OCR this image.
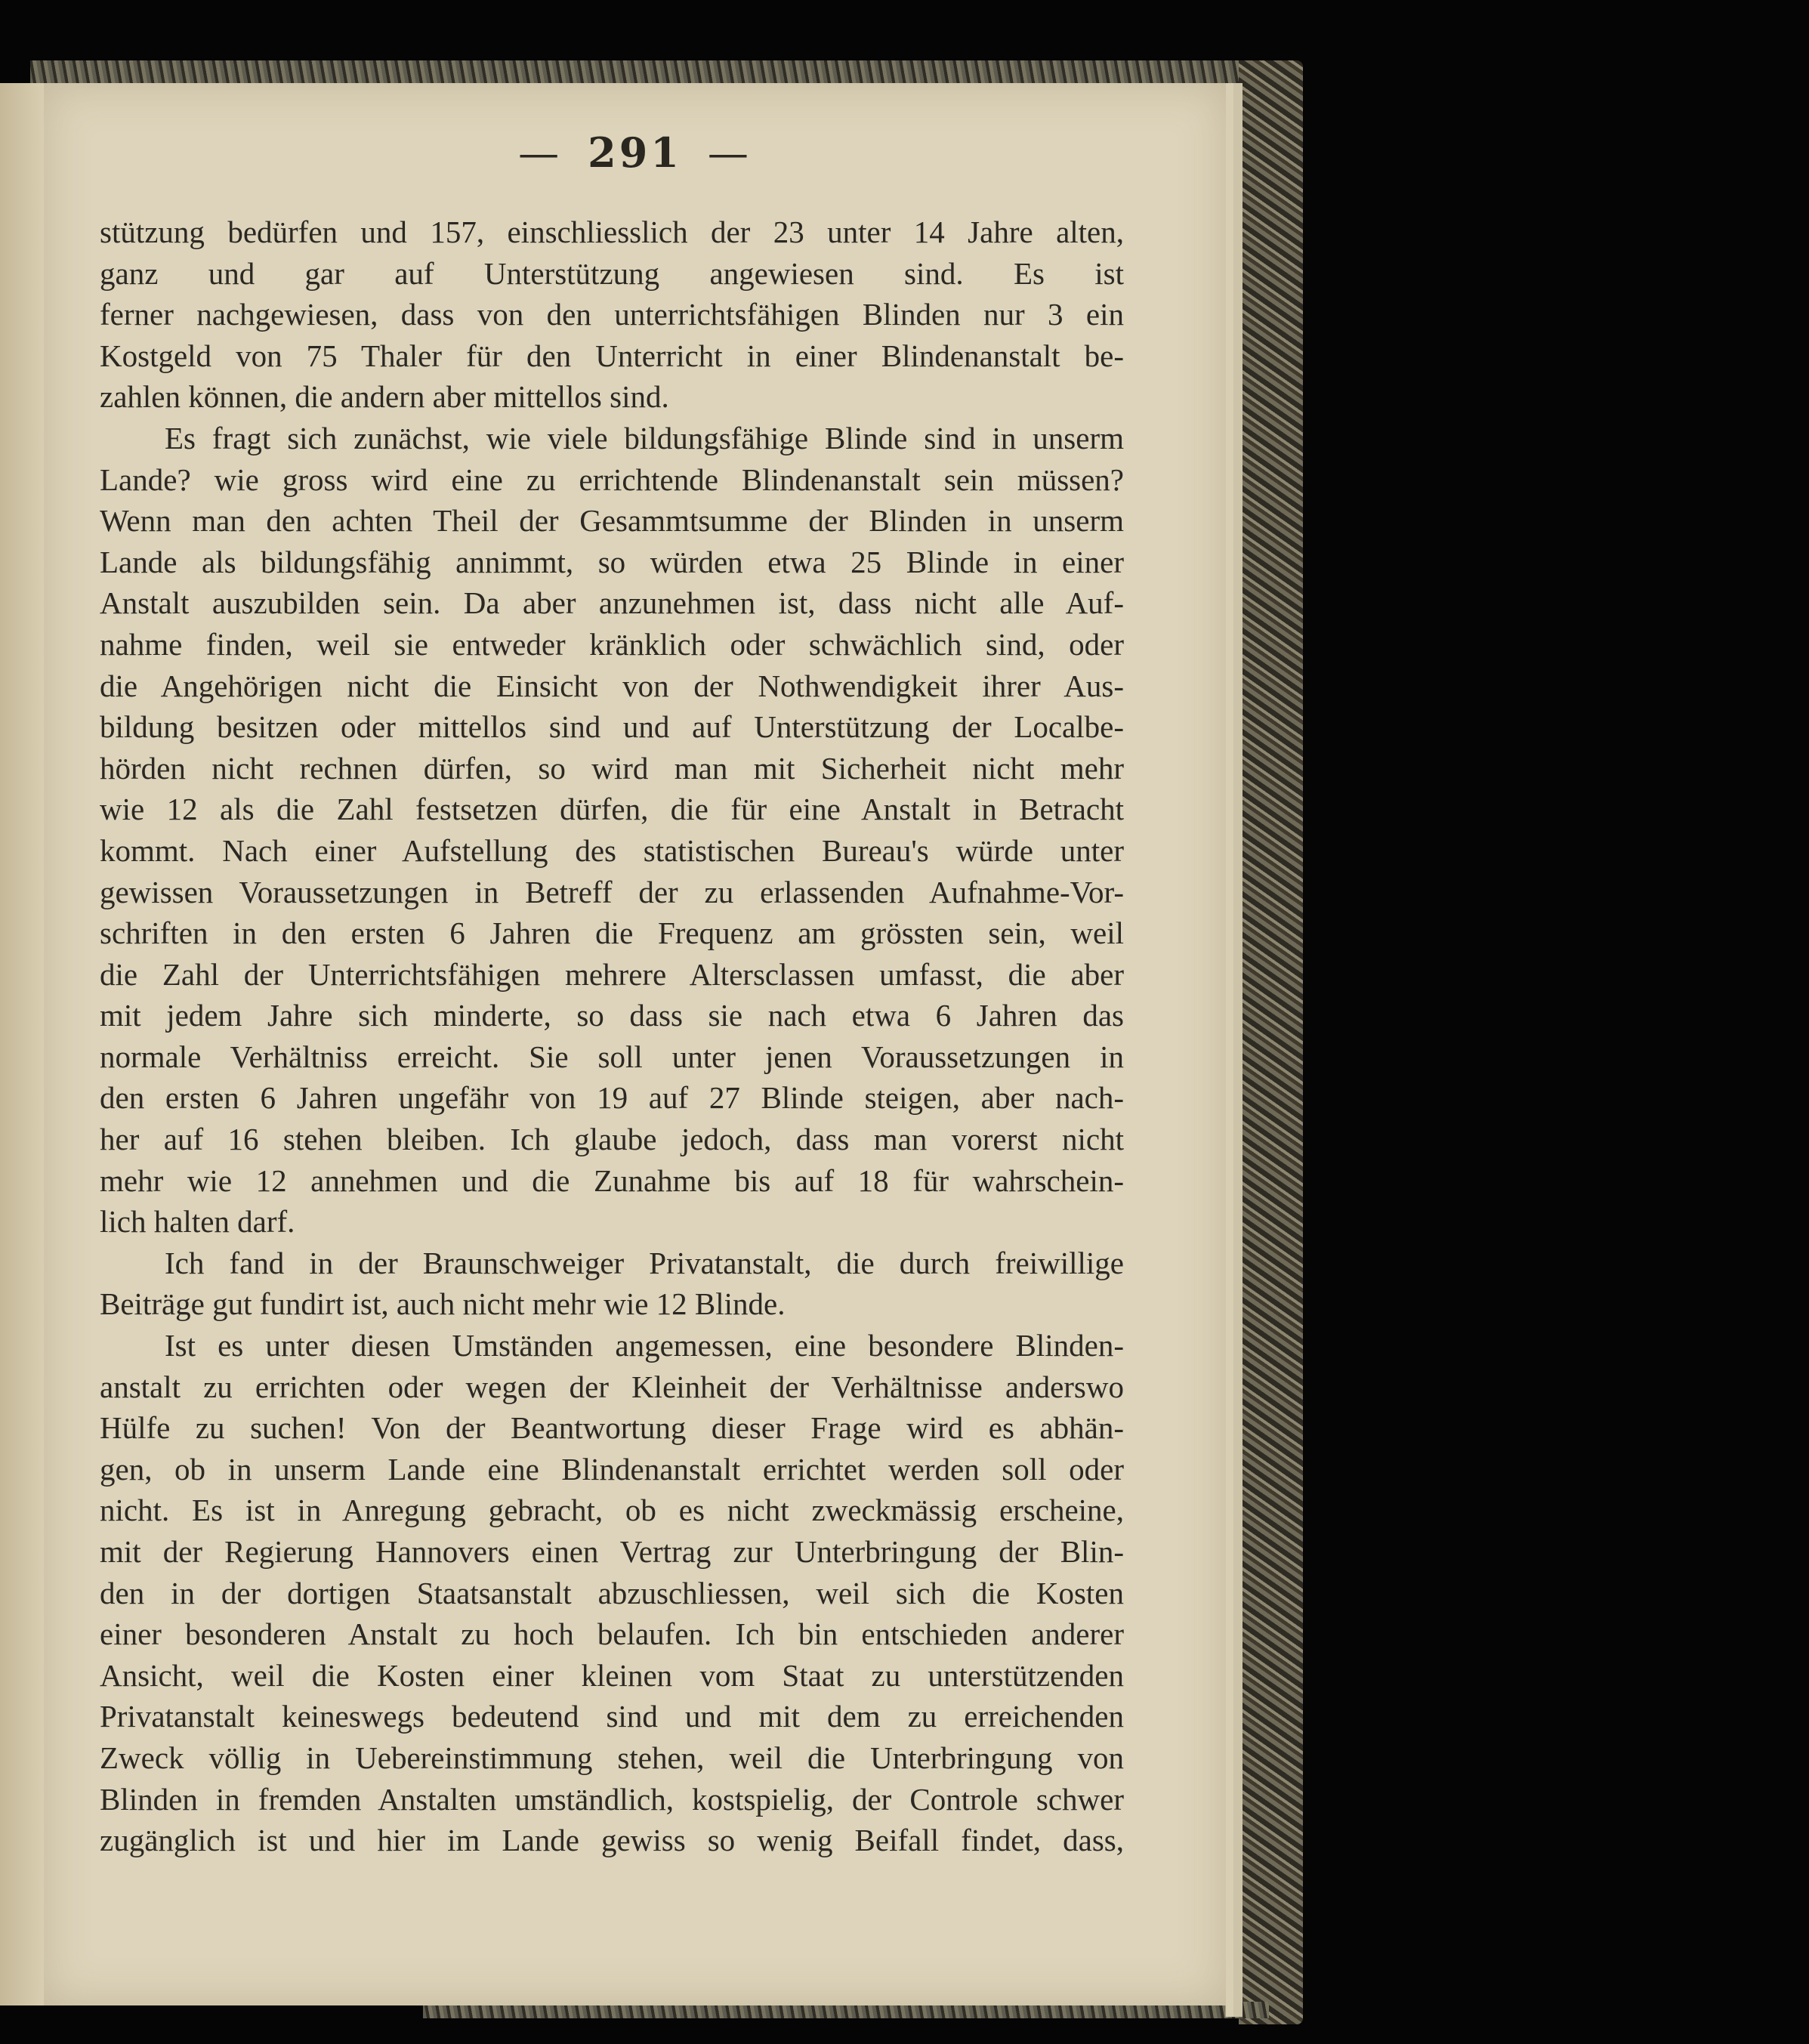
— 291 —
stützung bedürfen und 157, einschliesslich der 23 unter 14 Jahre alten,
ganz und gar auf Unterstützung angewiesen sind. Es ist
ferner nachgewiesen, dass von den unterrichtsfähigen Blinden nur 3 ein
Kostgeld von 75 Thaler für den Unterricht in einer Blindenanstalt be-
zahlen können, die andern aber mittellos sind.
Es fragt sich zunächst, wie viele bildungsfähige Blinde sind in unserm
Lande? wie gross wird eine zu errichtende Blindenanstalt sein müssen?
Wenn man den achten Theil der Gesammtsumme der Blinden in unserm
Lande als bildungsfähig annimmt, so würden etwa 25 Blinde in einer
Anstalt auszubilden sein. Da aber anzunehmen ist, dass nicht alle Auf-
nahme finden, weil sie entweder kränklich oder schwächlich sind, oder
die Angehörigen nicht die Einsicht von der Nothwendigkeit ihrer Aus-
bildung besitzen oder mittellos sind und auf Unterstützung der Localbe-
hörden nicht rechnen dürfen, so wird man mit Sicherheit nicht mehr
wie 12 als die Zahl festsetzen dürfen, die für eine Anstalt in Betracht
kommt. Nach einer Aufstellung des statistischen Bureau's würde unter
gewissen Voraussetzungen in Betreff der zu erlassenden Aufnahme-Vor-
schriften in den ersten 6 Jahren die Frequenz am grössten sein, weil
die Zahl der Unterrichtsfähigen mehrere Altersclassen umfasst, die aber
mit jedem Jahre sich minderte, so dass sie nach etwa 6 Jahren das
normale Verhältniss erreicht. Sie soll unter jenen Voraussetzungen in
den ersten 6 Jahren ungefähr von 19 auf 27 Blinde steigen, aber nach-
her auf 16 stehen bleiben. Ich glaube jedoch, dass man vorerst nicht
mehr wie 12 annehmen und die Zunahme bis auf 18 für wahrschein-
lich halten darf.
Ich fand in der Braunschweiger Privatanstalt, die durch freiwillige
Beiträge gut fundirt ist, auch nicht mehr wie 12 Blinde.
Ist es unter diesen Umständen angemessen, eine besondere Blinden-
anstalt zu errichten oder wegen der Kleinheit der Verhältnisse anderswo
Hülfe zu suchen! Von der Beantwortung dieser Frage wird es abhän-
gen, ob in unserm Lande eine Blindenanstalt errichtet werden soll oder
nicht. Es ist in Anregung gebracht, ob es nicht zweckmässig erscheine,
mit der Regierung Hannovers einen Vertrag zur Unterbringung der Blin-
den in der dortigen Staatsanstalt abzuschliessen, weil sich die Kosten
einer besonderen Anstalt zu hoch belaufen. Ich bin entschieden anderer
Ansicht, weil die Kosten einer kleinen vom Staat zu unterstützenden
Privatanstalt keineswegs bedeutend sind und mit dem zu erreichenden
Zweck völlig in Uebereinstimmung stehen, weil die Unterbringung von
Blinden in fremden Anstalten umständlich, kostspielig, der Controle schwer
zugänglich ist und hier im Lande gewiss so wenig Beifall findet, dass,
